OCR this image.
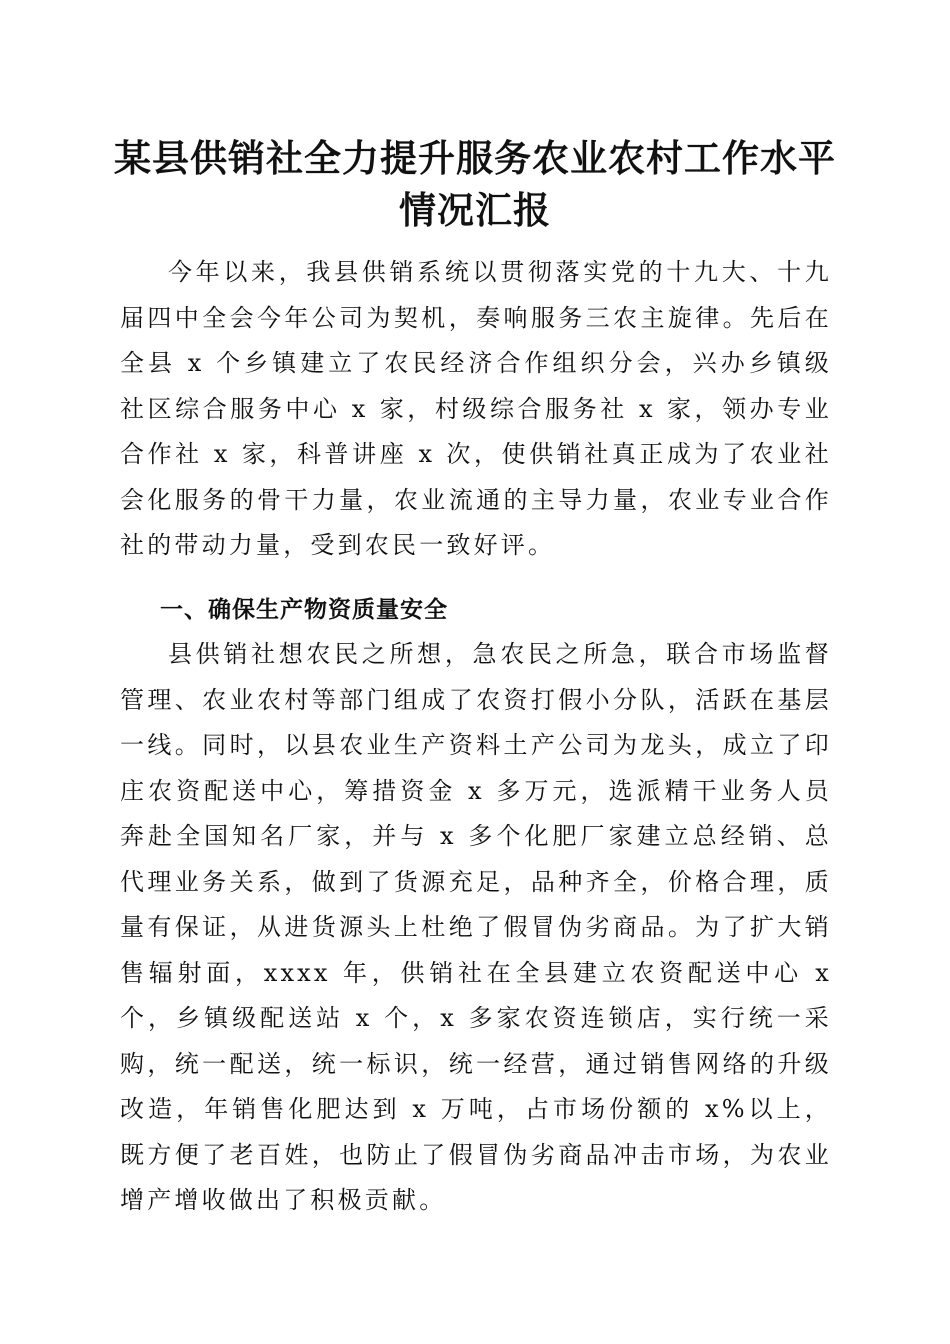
某县供销社全力提升服务农业农村工作水平情况汇报

今年以来，我县供销系统以贯彻落实党的十九大、十九届四中全会今年公司为契机，奏响服务三农主旋律。先后在全县 x 个乡镇建立了农民经济合作组织分会，兴办乡镇级社区综合服务中心 x 家，村级综合服务社 x 家，领办专业合作社 x 家，科普讲座 x 次，使供销社真正成为了农业社会化服务的骨干力量，农业流通的主导力量，农业专业合作社的带动力量，受到农民一致好评。

一、确保生产物资质量安全

县供销社想农民之所想，急农民之所急，联合市场监督管理、农业农村等部门组成了农资打假小分队，活跃在基层一线。同时，以县农业生产资料土产公司为龙头，成立了印庄农资配送中心，筹措资金 x 多万元，选派精干业务人员奔赴全国知名厂家，并与 x 多个化肥厂家建立总经销、总代理业务关系，做到了货源充足，品种齐全，价格合理，质量有保证，从进货源头上杜绝了假冒伪劣商品。为了扩大销售辐射面，xxxx 年，供销社在全县建立农资配送中心 x 个，乡镇级配送站 x 个，x 多家农资连锁店，实行统一采购，统一配送，统一标识，统一经营，通过销售网络的升级改造，年销售化肥达到 x 万吨，占市场份额的 x%以上，既方便了老百姓，也防止了假冒伪劣商品冲击市场，为农业增产增收做出了积极贡献。
